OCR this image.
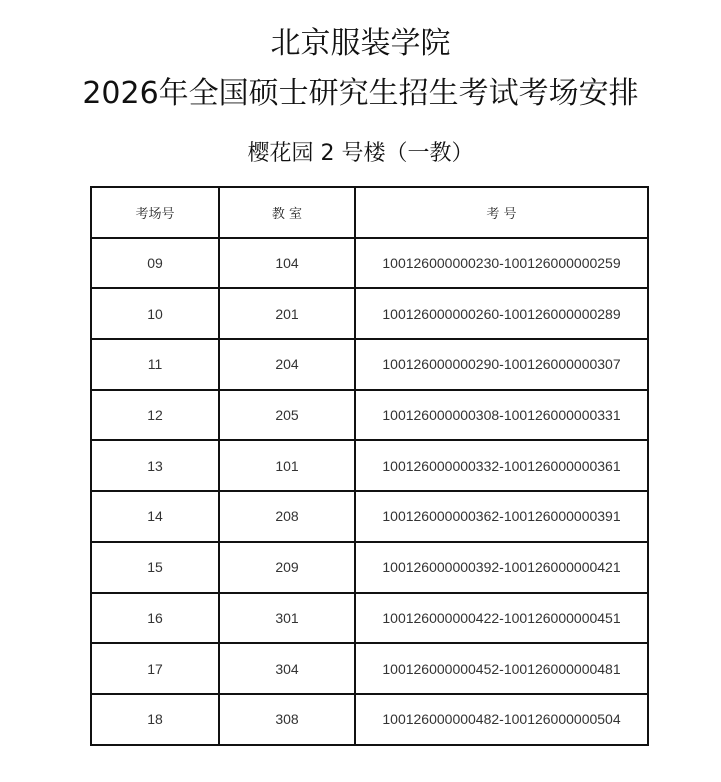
北京服装学院
2026年全国硕士研究生招生考试考场安排
樱花园 2 号楼（一教）
考场号	教 室	考 号
09	104	100126000000230-100126000000259
10	201	100126000000260-100126000000289
11	204	100126000000290-100126000000307
12	205	100126000000308-100126000000331
13	101	100126000000332-100126000000361
14	208	100126000000362-100126000000391
15	209	100126000000392-100126000000421
16	301	100126000000422-100126000000451
17	304	100126000000452-100126000000481
18	308	100126000000482-100126000000504
